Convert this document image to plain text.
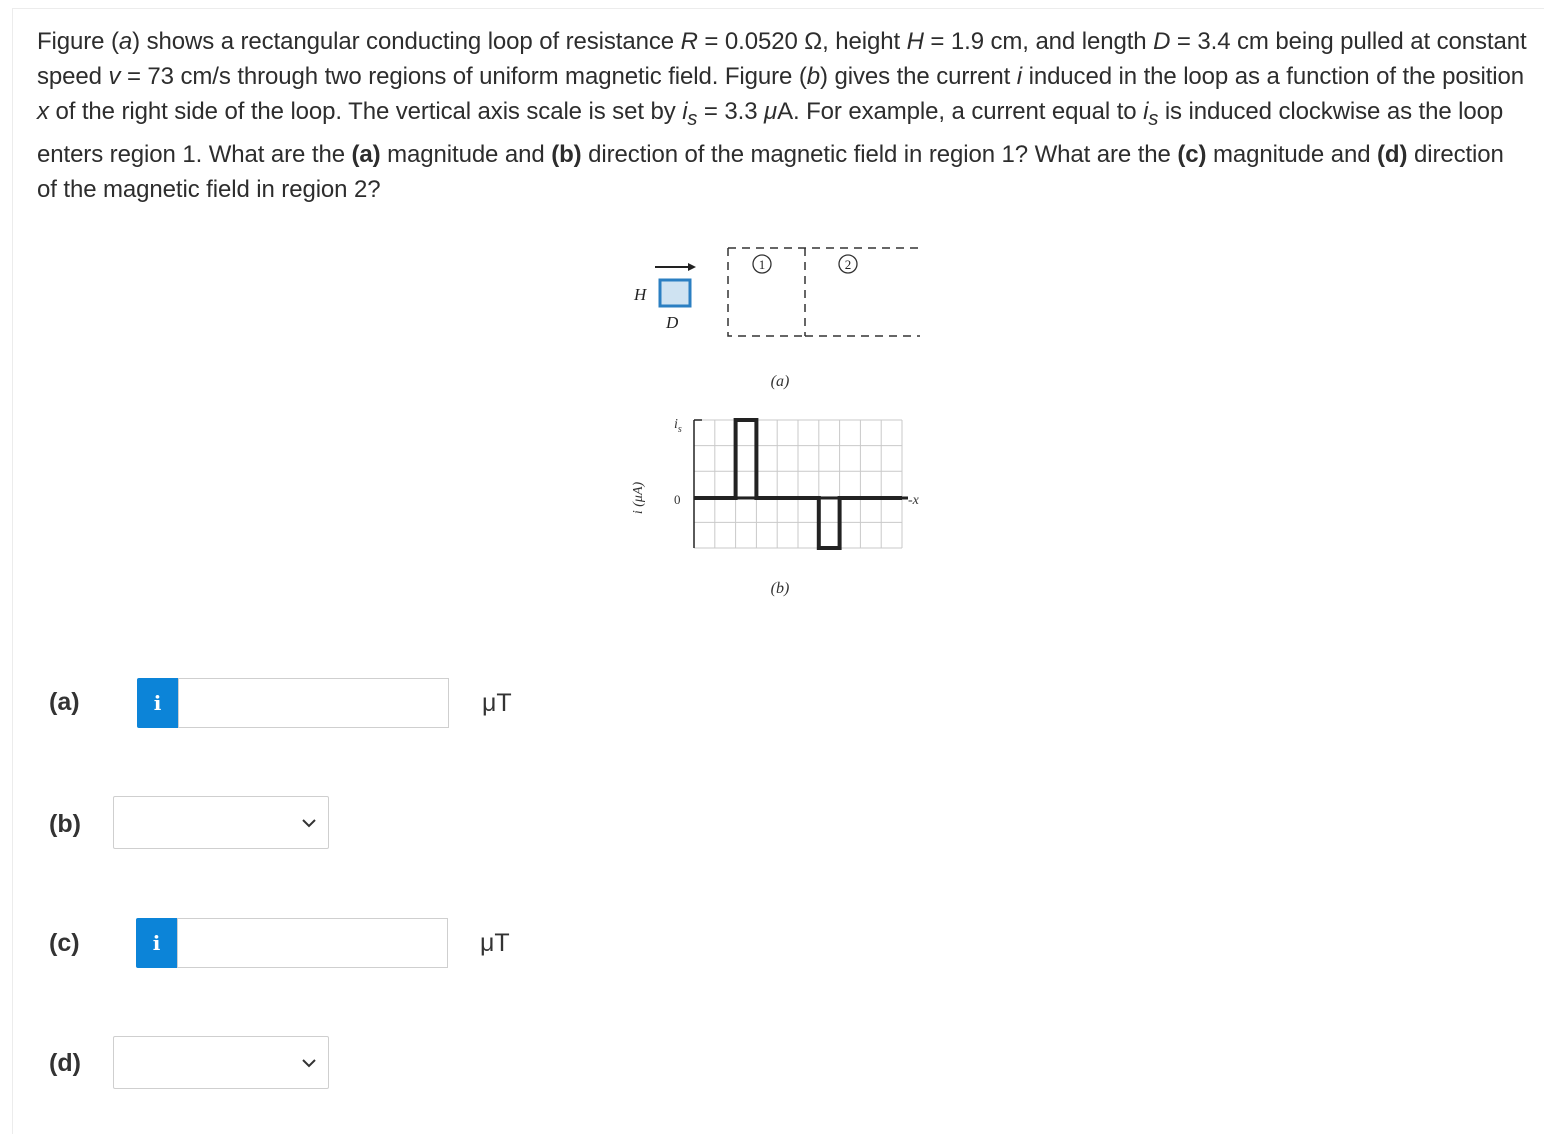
Figure (a) shows a rectangular conducting loop of resistance R = 0.0520 Ω, height H = 1.9 cm, and length D = 3.4 cm being pulled at constant speed v = 73 cm/s through two regions of uniform magnetic field. Figure (b) gives the current i induced in the loop as a function of the position x of the right side of the loop. The vertical axis scale is set by $i_s = 3.3$ μA. For example, a current equal to $i_s$ is induced clockwise as the loop enters region 1. What are the (a) magnitude and (b) direction of the magnetic field in region 1? What are the (c) magnitude and (d) direction of the magnetic field in region 2?

H
D
1	2
(a)
$i_s$
0	-x
i (μA)
(b)
(a)	i	μT
(b)
(c)	i	μT
(d)
